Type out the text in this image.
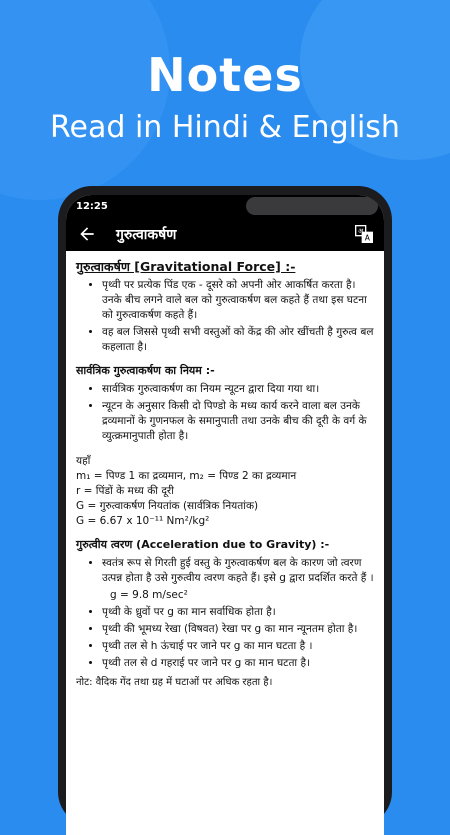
Notes
Read in Hindi & English
12:25
गुरुत्वाकर्षण	A
अ
गुरुत्वाकर्षण [Gravitational Force] :-
• पृथ्वी पर प्रत्येक पिंड एक - दूसरे को अपनी ओर आकर्षित करता है। उनके बीच लगने वाले बल को गुरुत्वाकर्षण बल कहते हैं तथा इस घटना को गुरुत्वाकर्षण कहते हैं।
• वह बल जिससे पृथ्वी सभी वस्तुओं को केंद्र की ओर खींचती है गुरुत्व बल कहलाता है।
सार्वत्रिक गुरुत्वाकर्षण का नियम :-
• सार्वत्रिक गुरुत्वाकर्षण का नियम न्यूटन द्वारा दिया गया था।
• न्यूटन के अनुसार किसी दो पिण्डो के मध्य कार्य करने वाला बल उनके द्रव्यमानों के गुणनफल के समानुपाती तथा उनके बीच की दूरी के वर्ग के व्युत्क्रमानुपाती होता है।

यहाँ

m₁ = पिण्ड 1 का द्रव्यमान, m₂ = पिण्ड 2 का द्रव्यमान

r = पिंडों के मध्य की दूरी

G = गुरुत्वाकर्षण नियतांक (सार्वत्रिक नियतांक)

G = 6.67 x 10⁻¹¹ Nm²/kg²

गुरुत्वीय त्वरण (Acceleration due to Gravity) :-
• स्वतंत्र रूप से गिरती हुई वस्तु के गुरुत्वाकर्षण बल के कारण जो त्वरण उत्पन्न होता है उसे गुरुत्वीय त्वरण कहते हैं। इसे g द्वारा प्रदर्शित करते हैं ।

g = 9.8 m/sec²

• पृथ्वी के ध्रुवों पर g का मान सर्वाधिक होता है।
• पृथ्वी की भूमध्य रेखा (विषवत) रेखा पर g का मान न्यूनतम होता है।
• पृथ्वी तल से h ऊंचाई पर जाने पर g का मान घटता है ।
• पृथ्वी तल से d गहराई पर जाने पर g का मान घटता है।

नोट: वैदिक गेंद तथा ग्रह में घटाओं पर अधिक रहता है।
